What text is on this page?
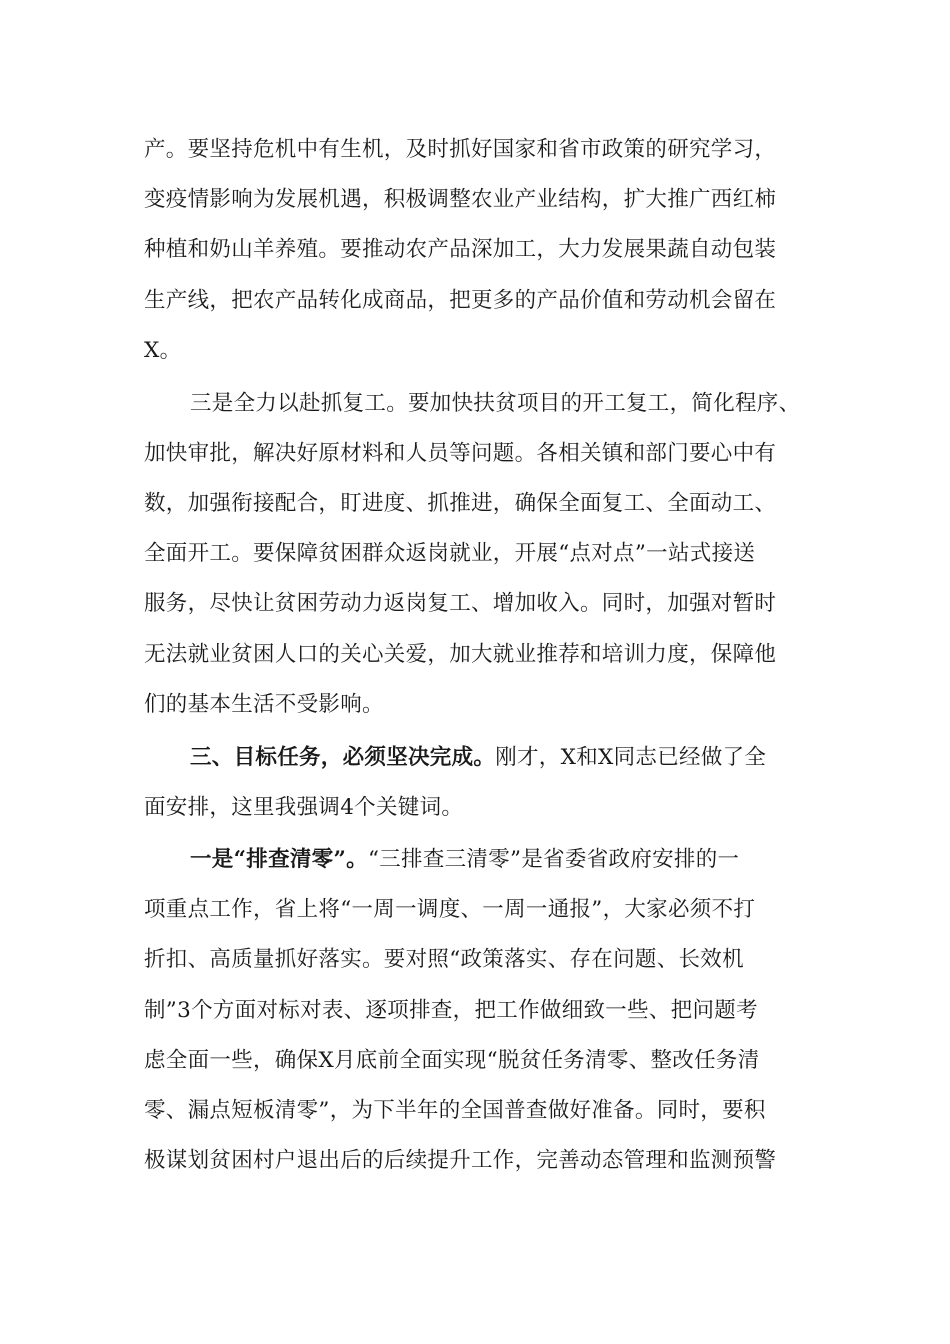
产。要坚持危机中有生机，及时抓好国家和省市政策的研究学习，
变疫情影响为发展机遇，积极调整农业产业结构，扩大推广西红柿
种植和奶山羊养殖。要推动农产品深加工，大力发展果蔬自动包装
生产线，把农产品转化成商品，把更多的产品价值和劳动机会留在
X。
三是全力以赴抓复工。要加快扶贫项目的开工复工，简化程序、
加快审批，解决好原材料和人员等问题。各相关镇和部门要心中有
数，加强衔接配合，盯进度、抓推进，确保全面复工、全面动工、
全面开工。要保障贫困群众返岗就业，开展“点对点”一站式接送
服务，尽快让贫困劳动力返岗复工、增加收入。同时，加强对暂时
无法就业贫困人口的关心关爱，加大就业推荐和培训力度，保障他
们的基本生活不受影响。
三、目标任务，必须坚决完成。刚才，X和X同志已经做了全
面安排，这里我强调4个关键词。
一是“排查清零”。“三排查三清零”是省委省政府安排的一
项重点工作，省上将“一周一调度、一周一通报”，大家必须不打
折扣、高质量抓好落实。要对照“政策落实、存在问题、长效机
制”3个方面对标对表、逐项排查，把工作做细致一些、把问题考
虑全面一些，确保X月底前全面实现“脱贫任务清零、整改任务清
零、漏点短板清零”，为下半年的全国普查做好准备。同时，要积
极谋划贫困村户退出后的后续提升工作，完善动态管理和监测预警
